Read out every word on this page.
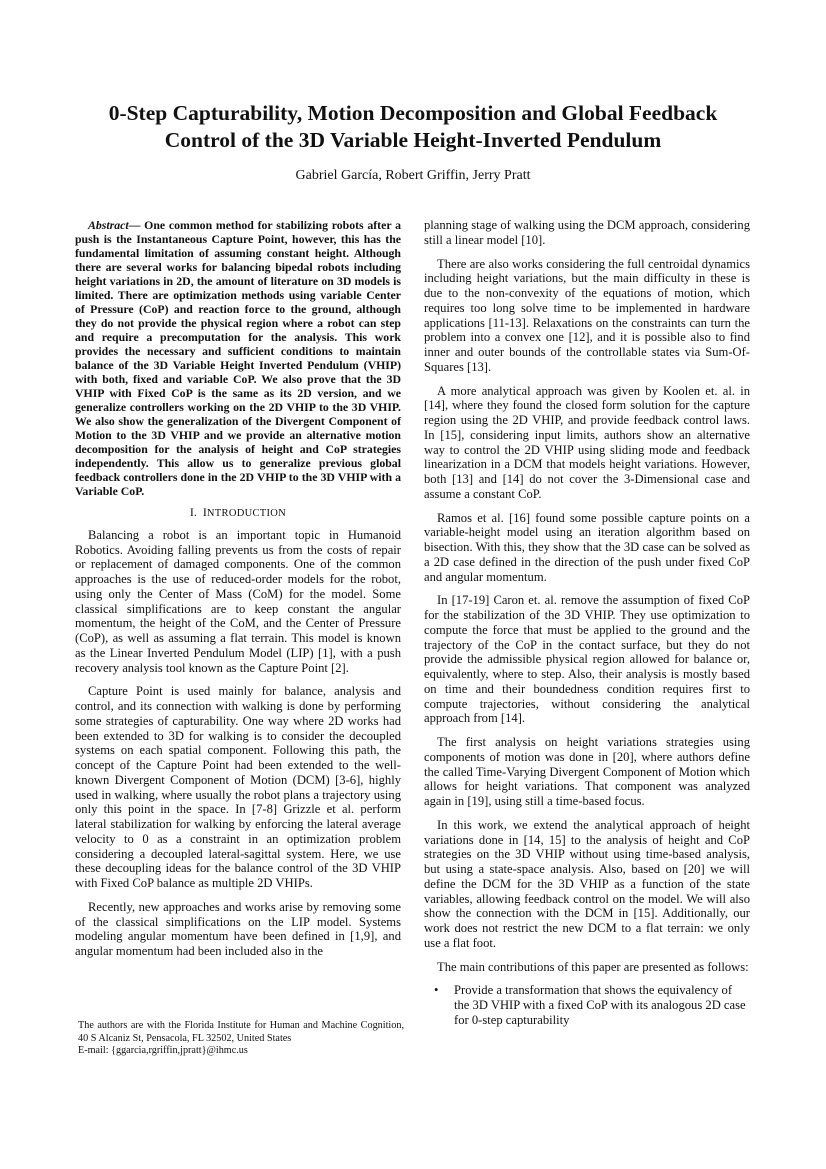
0-Step Capturability, Motion Decomposition and Global Feedback
Control of the 3D Variable Height-Inverted Pendulum

Gabriel García, Robert Griffin, Jerry Pratt

Abstract— One common method for stabilizing robots after a push is the Instantaneous Capture Point, however, this has the fundamental limitation of assuming constant height. Although there are several works for balancing bipedal robots including height variations in 2D, the amount of literature on 3D models is limited. There are optimization methods using variable Center of Pressure (CoP) and reaction force to the ground, although they do not provide the physical region where a robot can step and require a precomputation for the analysis. This work provides the necessary and sufficient conditions to maintain balance of the 3D Variable Height Inverted Pendulum (VHIP) with both, fixed and variable CoP. We also prove that the 3D VHIP with Fixed CoP is the same as its 2D version, and we generalize controllers working on the 2D VHIP to the 3D VHIP. We also show the generalization of the Divergent Component of Motion to the 3D VHIP and we provide an alternative motion decomposition for the analysis of height and CoP strategies independently. This allow us to generalize previous global feedback controllers done in the 2D VHIP to the 3D VHIP with a Variable CoP.

I. INTRODUCTION

Balancing a robot is an important topic in Humanoid Robotics. Avoiding falling prevents us from the costs of repair or replacement of damaged components. One of the common approaches is the use of reduced-order models for the robot, using only the Center of Mass (CoM) for the model. Some classical simplifications are to keep constant the angular momentum, the height of the CoM, and the Center of Pressure (CoP), as well as assuming a flat terrain. This model is known as the Linear Inverted Pendulum Model (LIP) [1], with a push recovery analysis tool known as the Capture Point [2].

Capture Point is used mainly for balance, analysis and control, and its connection with walking is done by performing some strategies of capturability. One way where 2D works had been extended to 3D for walking is to consider the decoupled systems on each spatial component. Following this path, the concept of the Capture Point had been extended to the well-known Divergent Component of Motion (DCM) [3-6], highly used in walking, where usually the robot plans a trajectory using only this point in the space. In [7-8] Grizzle et al. perform lateral stabilization for walking by enforcing the lateral average velocity to 0 as a constraint in an optimization problem considering a decoupled lateral-sagittal system. Here, we use these decoupling ideas for the balance control of the 3D VHIP with Fixed CoP balance as multiple 2D VHIPs.

Recently, new approaches and works arise by removing some of the classical simplifications on the LIP model. Systems modeling angular momentum have been defined in [1,9], and angular momentum had been included also in the

The authors are with the Florida Institute for Human and Machine Cognition, 40 S Alcaniz St, Pensacola, FL 32502, United States

E-mail: {ggarcia,rgriffin,jpratt}@ihmc.us

planning stage of walking using the DCM approach, considering still a linear model [10].

There are also works considering the full centroidal dynamics including height variations, but the main difficulty in these is due to the non-convexity of the equations of motion, which requires too long solve time to be implemented in hardware applications [11-13]. Relaxations on the constraints can turn the problem into a convex one [12], and it is possible also to find inner and outer bounds of the controllable states via Sum-Of-Squares [13].

A more analytical approach was given by Koolen et. al. in [14], where they found the closed form solution for the capture region using the 2D VHIP, and provide feedback control laws. In [15], considering input limits, authors show an alternative way to control the 2D VHIP using sliding mode and feedback linearization in a DCM that models height variations. However, both [13] and [14] do not cover the 3-Dimensional case and assume a constant CoP.

Ramos et al. [16] found some possible capture points on a variable-height model using an iteration algorithm based on bisection. With this, they show that the 3D case can be solved as a 2D case defined in the direction of the push under fixed CoP and angular momentum.

In [17-19] Caron et. al. remove the assumption of fixed CoP for the stabilization of the 3D VHIP. They use optimization to compute the force that must be applied to the ground and the trajectory of the CoP in the contact surface, but they do not provide the admissible physical region allowed for balance or, equivalently, where to step. Also, their analysis is mostly based on time and their boundedness condition requires first to compute trajectories, without considering the analytical approach from [14].

The first analysis on height variations strategies using components of motion was done in [20], where authors define the called Time-Varying Divergent Component of Motion which allows for height variations. That component was analyzed again in [19], using still a time-based focus.

In this work, we extend the analytical approach of height variations done in [14, 15] to the analysis of height and CoP strategies on the 3D VHIP without using time-based analysis, but using a state-space analysis. Also, based on [20] we will define the DCM for the 3D VHIP as a function of the state variables, allowing feedback control on the model. We will also show the connection with the DCM in [15]. Additionally, our work does not restrict the new DCM to a flat terrain: we only use a flat foot.

The main contributions of this paper are presented as follows:

• Provide a transformation that shows the equivalency of the 3D VHIP with a fixed CoP with its analogous 2D case for 0-step capturability
